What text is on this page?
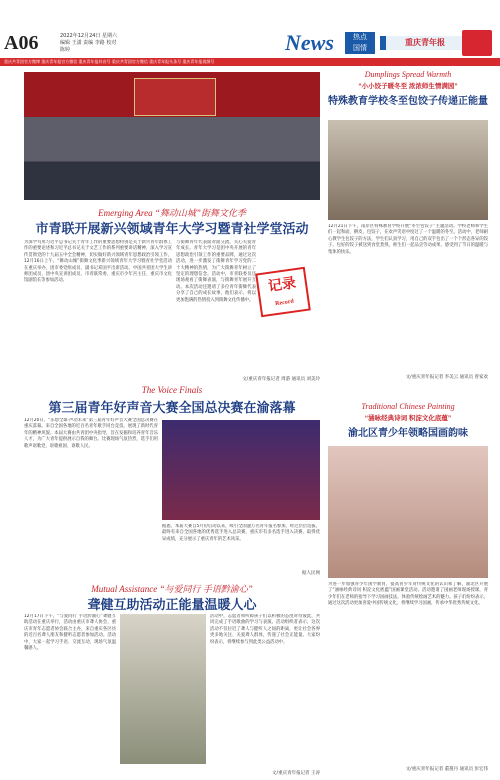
A06	2022年12月24日 星期六
编辑 王潇 责编 李路 校对 陈婷	News	热点
国情
重庆青年报
重庆共青团官方微博 重庆青年报官方微信 重庆青年报抖音号 重庆共青团官方微信 重庆青年报头条号 重庆青年报视频号
Emerging Area “舞动山城”街舞文化季
市青联开展新兴领域青年大学习暨青社学堂活动
为深学笃用习近平总书记关于青年工作的重要思想特别是关于新兴青年群体工作的重要论述和习近平总书记关于文艺工作的系列重要讲话精神，深入学习宣传贯彻党的十九届五中全会精神，切实做好新兴领域青年思想政治引领工作，12月16日上午，“舞动山城”街舞文化季新兴领域青年大学习暨青社学堂活动在重庆举办，团市委党组成员、副书记邓国平出席活动。中国共青团大学生讲师团成员、团中央宣讲团成员、市青联常委、重庆市少年宫主任、重庆市文化馆副馆长等参加活动。
与街舞青年代表面对面交流，关心关爱青年成长。青年大学习是团中央开展的青年思想政治引领工作的重要品牌，通过这次活动，进一步激发了街舞青年学习党的二十大精神的热情，为广大街舞青年树立了坚定的理想信念。活动中，市青联委员还现场观看了街舞表演，与街舞青年展开互动。本次活动还邀请了多位青年街舞代表分享了自己的成长故事，他们表示，将以更加饱满的热情投入到街舞文化传播中。
记录
Record
文/重庆青年报记者 周游 通讯员 刘美玲
The Voice Finals
第三届青年好声音大赛全国总决赛在渝落幕
12月20日，“乐想全球·声动未来”第三届青年好声音大赛全国总决赛在重庆落幕。来自全国各地的近百名青年歌手同台竞技，展现了新时代青年的精神风貌。本届大赛由共青团中央指导，旨在发掘和培养青年音乐人才，为广大青年提供展示自我的舞台。比赛现场气氛热烈，选手们用歌声讴歌党、讴歌祖国、讴歌人民。
据悉，本届大赛自5月份启动以来，吸引全国逾万名青年报名参加，经过层层选拔，最终有来自全国各地的优秀选手进入总决赛。重庆市有多名选手进入决赛，取得优异成绩，充分展示了重庆青年的艺术风采。
据人民网
Mutual Assistance “与爱同行 手语黔渝心”
聋健互助活动正能量温暖人心
12月17日下午，“与爱同行 手语黔渝心”聋健互助活动在重庆举行，活动由重庆市聋人协会、重庆市青年志愿者协会联合主办，来自重庆各区县的近百名聋人朋友和健听志愿者参加活动。活动中，大家一起学习手语、交流互动，现场气氛温馨感人。
活动中，志愿者和听障孩子们以积极的态度对待彼此，共同完成了手语歌曲的学习与表演。活动组织者表示，这次活动不仅拉近了聋人与健听人之间的距离，更让社会各界更多地关注、关爱聋人群体，传递了社会正能量。大家纷纷表示，将继续参与到此类公益活动中。
文/重庆青年报记者 王涛
Dumplings Spread Warmth
“小小饺子暖冬至 浓浓师生情满园”
特殊教育学校冬至包饺子传递正能量
12月21日下午，南岸区特殊教育学校开展“冬至包饺子”主题活动。学校老师和学生们一起和面、擀皮、包饺子，在欢声笑语中度过了一个温暖的冬至。活动中，老师耐心教学生包饺子的方法，学生们认真学习，用自己的双手包出了一个个形态各异的饺子。包好的饺子被送到食堂煮熟，师生们一起品尝劳动成果，感受到了节日的温暖与集体的快乐。
文/重庆青年报记者 李美云 通讯员 曾家欢
Traditional Chinese Painting
“涵咏经典诗词 积淀文化底蕴”
渝北区青少年领略国画韵味
为进一步加强青少年国学教育，提高青少年对传统文化的认识和了解，渝北区开展了“涵咏经典诗词 积淀文化底蕴”国画课堂活动。活动邀请了国画老师现场授课，青少年们在老师的指导下学习国画技法，体验传统绘画艺术的魅力。孩子们纷纷表示，通过这次活动更加喜爱中国传统文化，将继续学习国画，传承中华优秀传统文化。
文/重庆青年报记者 董蔓丹 通讯员 彭宏伟
